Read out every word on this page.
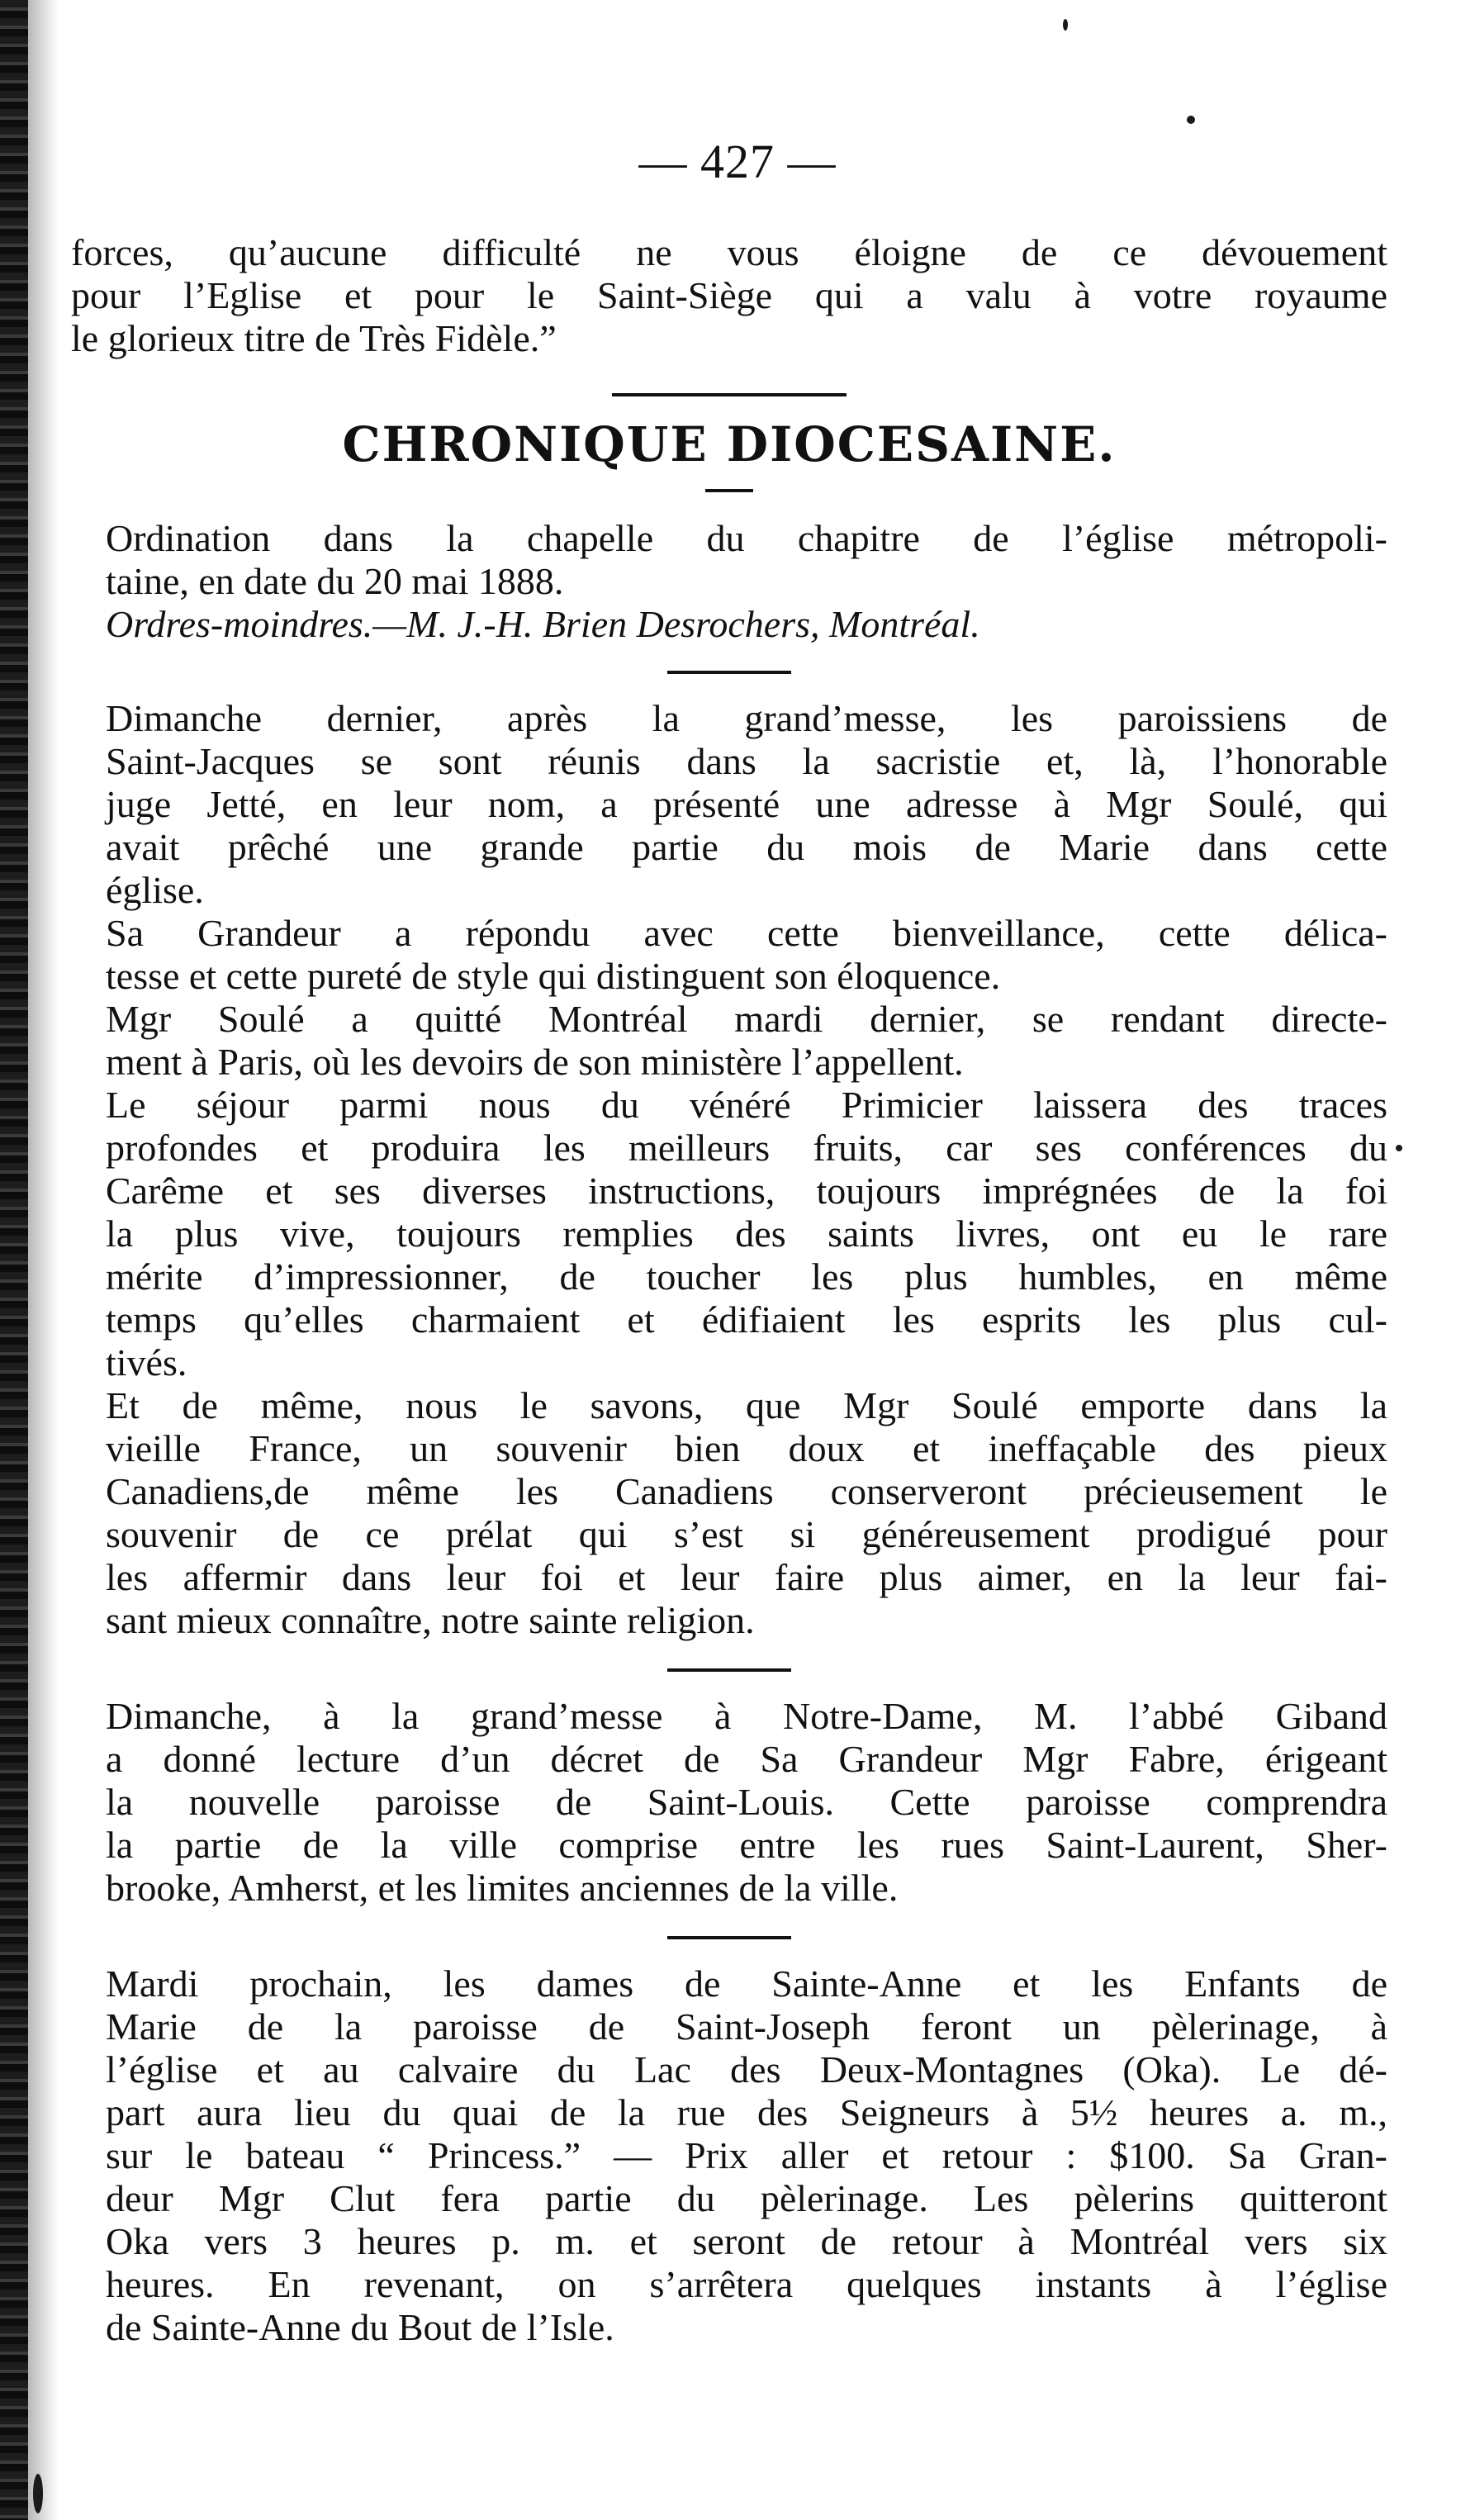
— 427 —

forces, qu’aucune difficulté ne vous éloigne de ce dévouement
pour l’Eglise et pour le Saint-Siège qui a valu à votre royaume
le glorieux titre de Très Fidèle.”

CHRONIQUE DIOCESAINE.

Ordination dans la chapelle du chapitre de l’église métropoli-
taine, en date du 20 mai 1888.
Ordres-moindres.—M. J.-H. Brien Desrochers, Montréal.

Dimanche dernier, après la grand’messe, les paroissiens de
Saint-Jacques se sont réunis dans la sacristie et, là, l’honorable
juge Jetté, en leur nom, a présenté une adresse à Mgr Soulé, qui
avait prêché une grande partie du mois de Marie dans cette
église.

Sa Grandeur a répondu avec cette bienveillance, cette délica-
tesse et cette pureté de style qui distinguent son éloquence.

Mgr Soulé a quitté Montréal mardi dernier, se rendant directe-
ment à Paris, où les devoirs de son ministère l’appellent.

Le séjour parmi nous du vénéré Primicier laissera des traces
profondes et produira les meilleurs fruits, car ses conférences du
Carême et ses diverses instructions, toujours imprégnées de la foi
la plus vive, toujours remplies des saints livres, ont eu le rare
mérite d’impressionner, de toucher les plus humbles, en même
temps qu’elles charmaient et édifiaient les esprits les plus cul-
tivés.

Et de même, nous le savons, que Mgr Soulé emporte dans la
vieille France, un souvenir bien doux et ineffaçable des pieux
Canadiens,de même les Canadiens conserveront précieusement le
souvenir de ce prélat qui s’est si généreusement prodigué pour
les affermir dans leur foi et leur faire plus aimer, en la leur fai-
sant mieux connaître, notre sainte religion.

Dimanche, à la grand’messe à Notre-Dame, M. l’abbé Giband
a donné lecture d’un décret de Sa Grandeur Mgr Fabre, érigeant
la nouvelle paroisse de Saint-Louis. Cette paroisse comprendra
la partie de la ville comprise entre les rues Saint-Laurent, Sher-
brooke, Amherst, et les limites anciennes de la ville.

Mardi prochain, les dames de Sainte-Anne et les Enfants de
Marie de la paroisse de Saint-Joseph feront un pèlerinage, à
l’église et au calvaire du Lac des Deux-Montagnes (Oka). Le dé-
part aura lieu du quai de la rue des Seigneurs à 5½ heures a. m.,
sur le bateau “ Princess.” — Prix aller et retour : $100. Sa Gran-
deur Mgr Clut fera partie du pèlerinage. Les pèlerins quitteront
Oka vers 3 heures p. m. et seront de retour à Montréal vers six
heures. En revenant, on s’arrêtera quelques instants à l’église
de Sainte-Anne du Bout de l’Isle.
